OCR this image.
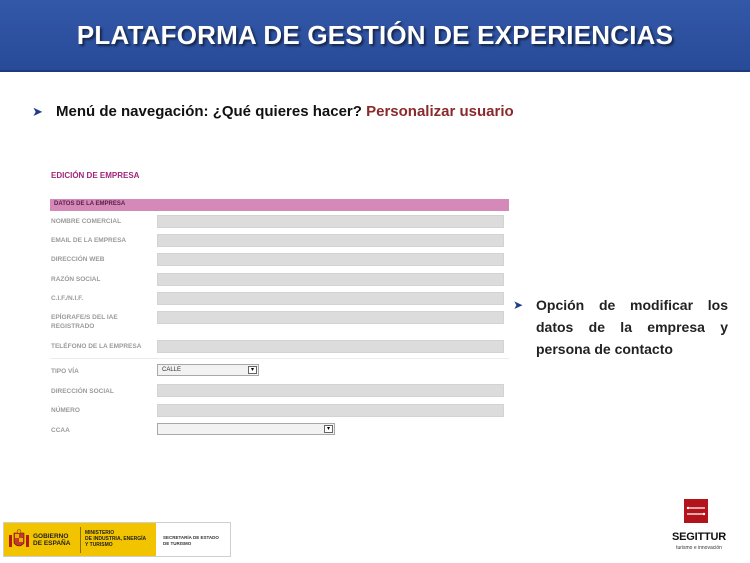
PLATAFORMA DE GESTIÓN DE EXPERIENCIAS
➤ Menú de navegación: ¿Qué quieres hacer? Personalizar usuario
EDICIÓN DE EMPRESA
DATOS DE LA EMPRESA
NOMBRE COMERCIAL
EMAIL DE LA EMPRESA
DIRECCIÓN WEB
RAZÓN SOCIAL
C.I.F./N.I.F.
EPÍGRAFE/S DEL IAE
REGISTRADO
TELÉFONO DE LA EMPRESA
TIPO VÍA	CALLE	▾
DIRECCIÓN SOCIAL
NÚMERO
CCAA	▾
➤ Opción de modificar los datos de la empresa y persona de contacto
GOBIERNO
DE ESPAÑA
MINISTERIO
DE INDUSTRIA, ENERGÍA
Y TURISMO
SECRETARÍA DE ESTADO
DE TURISMO	SEGITTUR
turismo e innovación
